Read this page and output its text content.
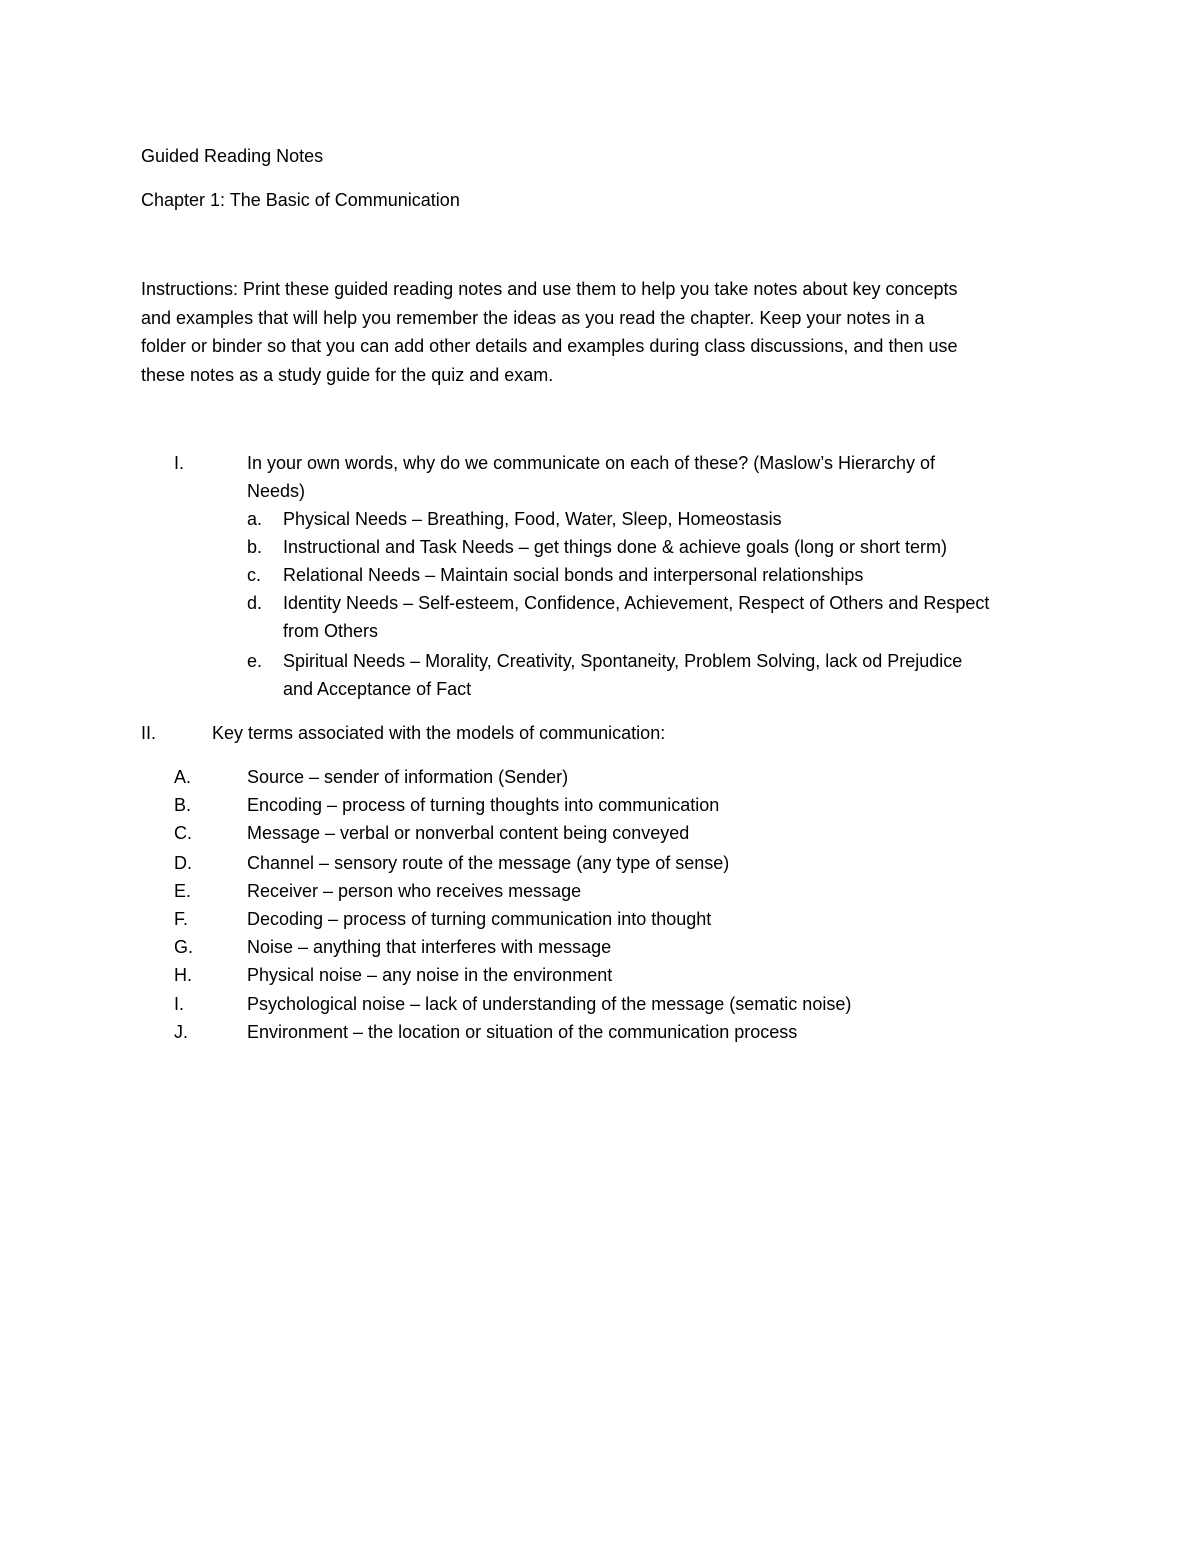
Guided Reading Notes
Chapter 1: The Basic of Communication
Instructions: Print these guided reading notes and use them to help you take notes about key concepts
and examples that will help you remember the ideas as you read the chapter. Keep your notes in a
folder or binder so that you can add other details and examples during class discussions, and then use
these notes as a study guide for the quiz and exam.
I.	In your own words, why do we communicate on each of these? (Maslow’s Hierarchy of
Needs)
a. Physical Needs – Breathing, Food, Water, Sleep, Homeostasis
b. Instructional and Task Needs – get things done & achieve goals (long or short term)
c. Relational Needs – Maintain social bonds and interpersonal relationships
d. Identity Needs – Self-esteem, Confidence, Achievement, Respect of Others and Respect
from Others
e. Spiritual Needs – Morality, Creativity, Spontaneity, Problem Solving, lack od Prejudice
and Acceptance of Fact
II.	Key terms associated with the models of communication:
A.	Source – sender of information (Sender)
B.	Encoding – process of turning thoughts into communication
C.	Message – verbal or nonverbal content being conveyed
D.	Channel – sensory route of the message (any type of sense)
E.	Receiver – person who receives message
F.	Decoding – process of turning communication into thought
G.	Noise – anything that interferes with message
H.	Physical noise – any noise in the environment
I.	Psychological noise – lack of understanding of the message (sematic noise)
J.	Environment – the location or situation of the communication process
